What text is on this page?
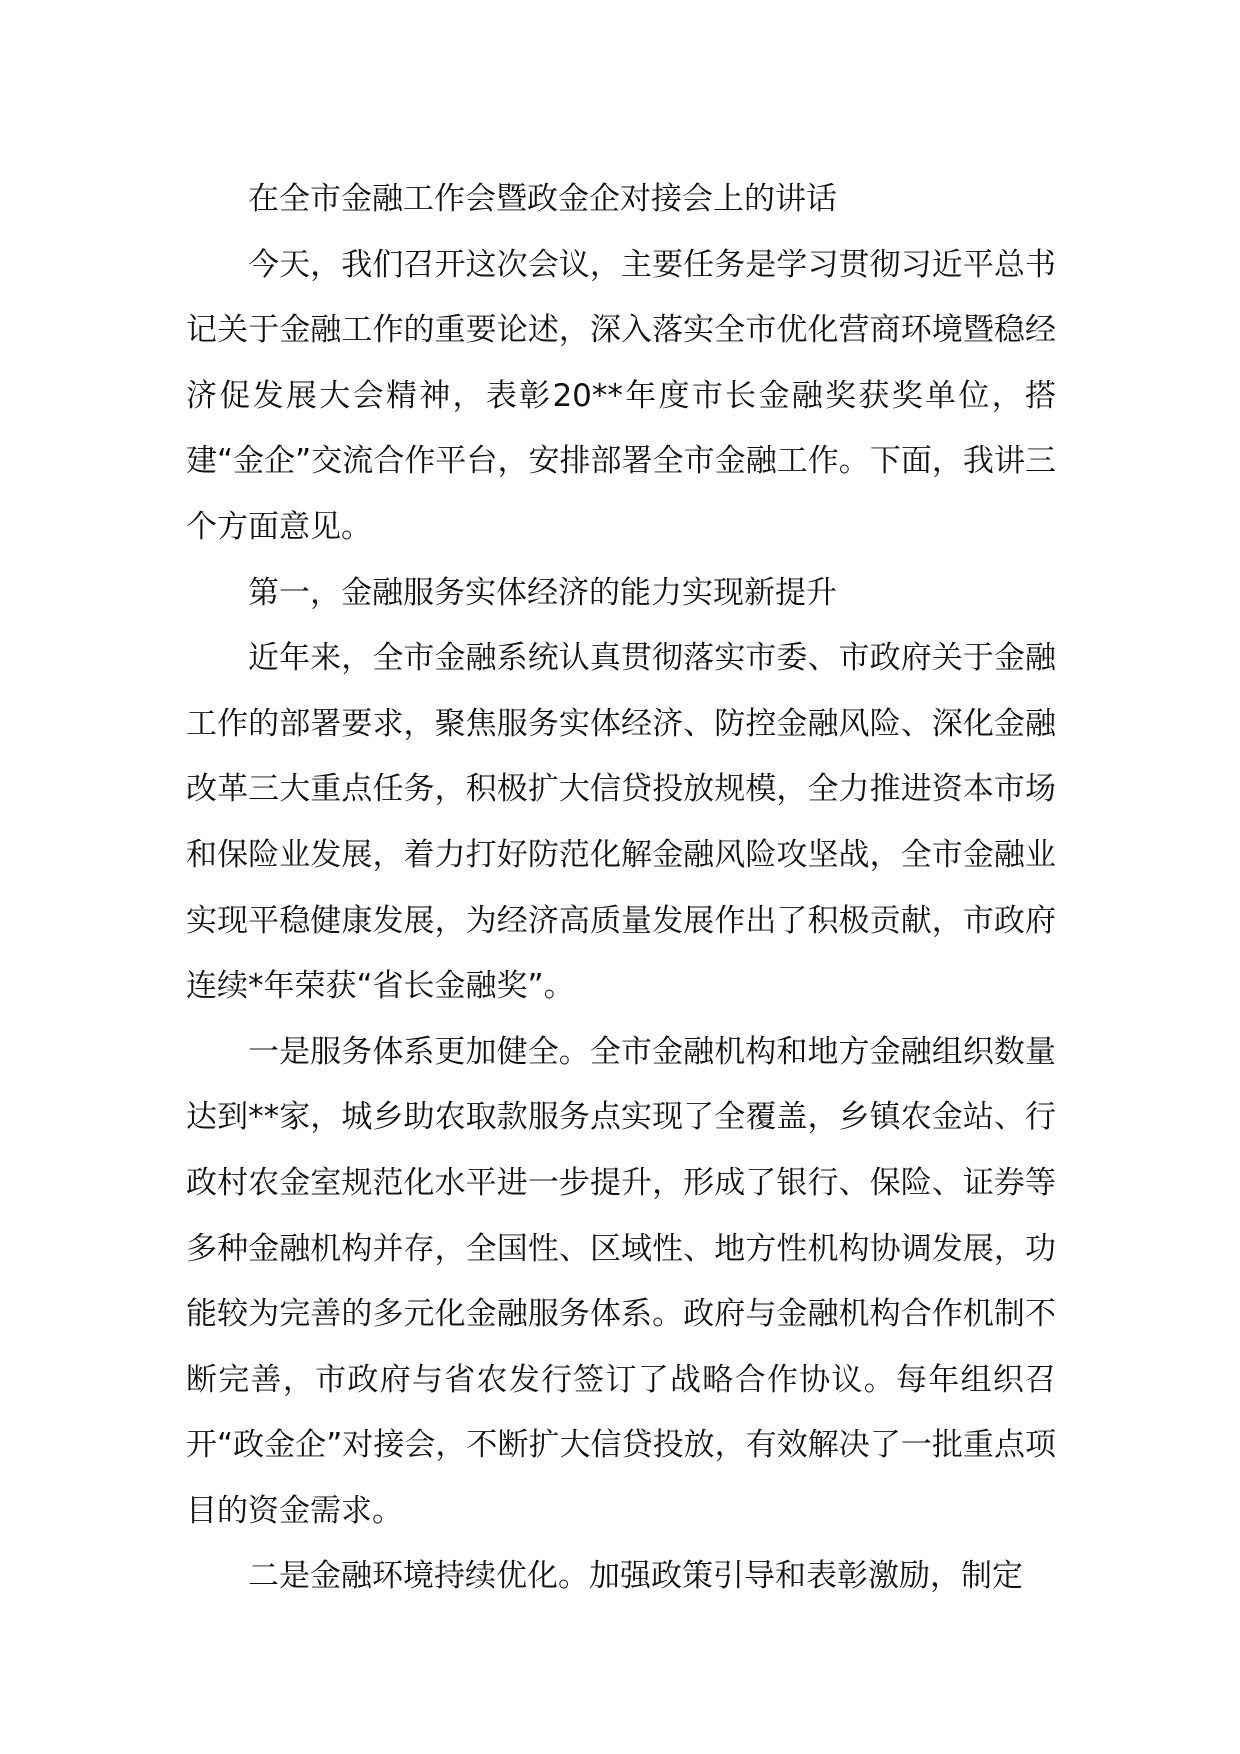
在全市金融工作会暨政金企对接会上的讲话

今天，我们召开这次会议，主要任务是学习贯彻习近平总书记关于金融工作的重要论述，深入落实全市优化营商环境暨稳经济促发展大会精神，表彰20**年度市长金融奖获奖单位，搭建“金企”交流合作平台，安排部署全市金融工作。下面，我讲三个方面意见。

第一，金融服务实体经济的能力实现新提升

近年来，全市金融系统认真贯彻落实市委、市政府关于金融工作的部署要求，聚焦服务实体经济、防控金融风险、深化金融改革三大重点任务，积极扩大信贷投放规模，全力推进资本市场和保险业发展，着力打好防范化解金融风险攻坚战，全市金融业实现平稳健康发展，为经济高质量发展作出了积极贡献，市政府连续*年荣获“省长金融奖”。

一是服务体系更加健全。全市金融机构和地方金融组织数量达到**家，城乡助农取款服务点实现了全覆盖，乡镇农金站、行政村农金室规范化水平进一步提升，形成了银行、保险、证券等多种金融机构并存，全国性、区域性、地方性机构协调发展，功能较为完善的多元化金融服务体系。政府与金融机构合作机制不断完善，市政府与省农发行签订了战略合作协议。每年组织召开“政金企”对接会，不断扩大信贷投放，有效解决了一批重点项目的资金需求。

二是金融环境持续优化。加强政策引导和表彰激励，制定
